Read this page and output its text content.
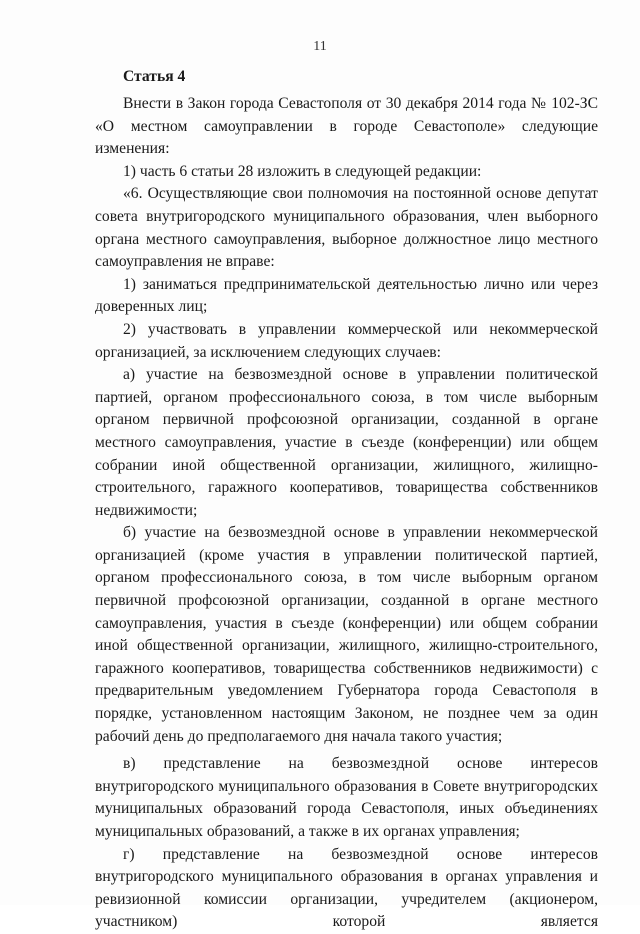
11
Статья 4

Внести в Закон города Севастополя от 30 декабря 2014 года № 102-ЗС «О местном самоуправлении в городе Севастополе» следующие изменения:

1) часть 6 статьи 28 изложить в следующей редакции:

«6. Осуществляющие свои полномочия на постоянной основе депутат совета внутригородского муниципального образования, член выборного органа местного самоуправления, выборное должностное лицо местного самоуправления не вправе:

1) заниматься предпринимательской деятельностью лично или через доверенных лиц;

2) участвовать в управлении коммерческой или некоммерческой организацией, за исключением следующих случаев:

а) участие на безвозмездной основе в управлении политической партией, органом профессионального союза, в том числе выборным органом первичной профсоюзной организации, созданной в органе местного самоуправления, участие в съезде (конференции) или общем собрании иной общественной организации, жилищного, жилищно-строительного, гаражного кооперативов, товарищества собственников недвижимости;

б) участие на безвозмездной основе в управлении некоммерческой организацией (кроме участия в управлении политической партией, органом профессионального союза, в том числе выборным органом первичной профсоюзной организации, созданной в органе местного самоуправления, участия в съезде (конференции) или общем собрании иной общественной организации, жилищного, жилищно-строительного, гаражного кооперативов, товарищества собственников недвижимости) с предварительным уведомлением Губернатора города Севастополя в порядке, установленном настоящим Законом, не позднее чем за один рабочий день до предполагаемого дня начала такого участия;

в) представление на безвозмездной основе интересов внутригородского муниципального образования в Совете внутригородских муниципальных образований города Севастополя, иных объединениях муниципальных образований, а также в их органах управления;

г) представление на безвозмездной основе интересов внутригородского муниципального образования в органах управления и ревизионной комиссии организации, учредителем (акционером, участником) которой является
